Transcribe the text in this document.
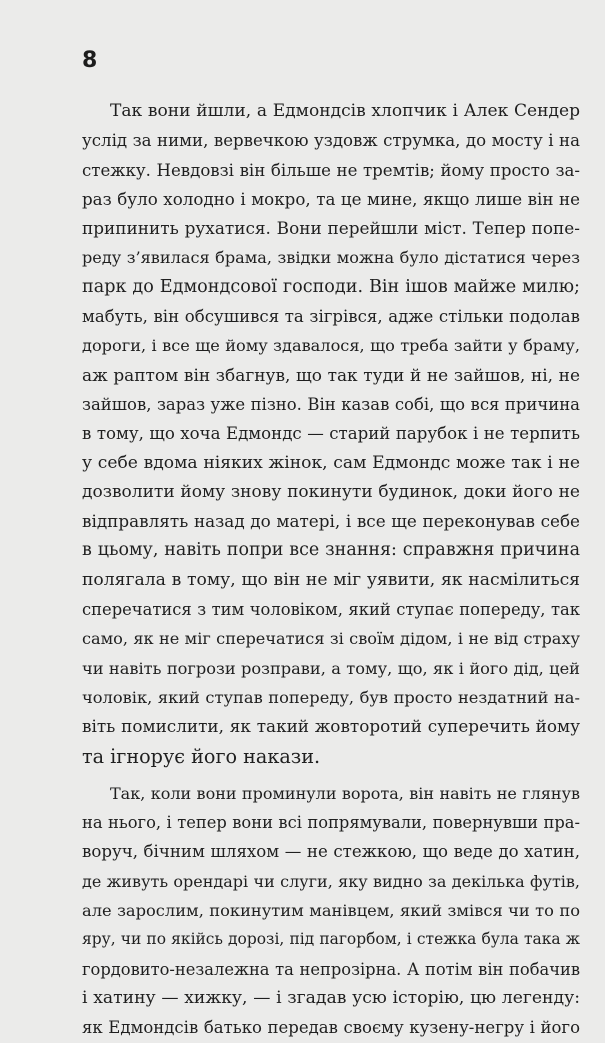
8
Так вони йшли, а Едмондсів хлопчик і Алек Сендер
услід за ними, вервечкою уздовж струмка, до мосту і на
стежку. Невдовзі він більше не тремтів; йому просто за-
раз було холодно і мокро, та це мине, якщо лише він не
припинить рухатися. Вони перейшли міст. Тепер попе-
реду з’явилася брама, звідки можна було дістатися через
парк до Едмондсової господи. Він ішов майже милю;
мабуть, він обсушився та зігрівся, адже стільки подолав
дороги, і все ще йому здавалося, що треба зайти у браму,
аж раптом він збагнув, що так туди й не зайшов, ні, не
зайшов, зараз уже пізно. Він казав собі, що вся причина
в тому, що хоча Едмондс — старий парубок і не терпить
у себе вдома ніяких жінок, сам Едмондс може так і не
дозволити йому знову покинути будинок, доки його не
відправлять назад до матері, і все ще переконував себе
в цьому, навіть попри все знання: справжня причина
полягала в тому, що він не міг уявити, як насмілиться
сперечатися з тим чоловіком, який ступає попереду, так
само, як не міг сперечатися зі своїм дідом, і не від страху
чи навіть погрози розправи, а тому, що, як і його дід, цей
чоловік, який ступав попереду, був просто нездатний на-
віть помислити, як такий жовторотий суперечить йому
та ігнорує його накази.
Так, коли вони проминули ворота, він навіть не глянув
на нього, і тепер вони всі попрямували, повернувши пра-
воруч, бічним шляхом — не стежкою, що веде до хатин,
де живуть орендарі чи слуги, яку видно за декілька футів,
але зарослим, покинутим манівцем, який змівся чи то по
яру, чи по якійсь дорозі, під пагорбом, і стежка була така ж
гордовито-незалежна та непрозірна. А потім він побачив
і хатину — хижку, — і згадав усю історію, цю легенду:
як Едмондсів батько передав своєму кузену-негру і його
